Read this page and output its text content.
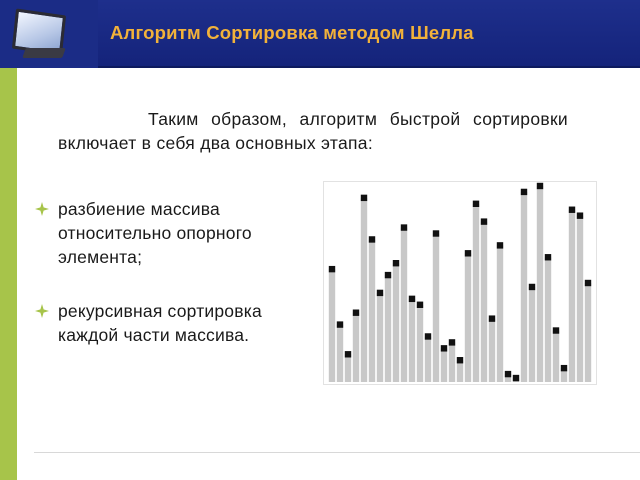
Алгоритм Сортировка методом Шелла
Таким образом, алгоритм быстрой сортировки включает в себя два основных этапа:
разбиение массива относительно опорного элемента;
рекурсивная сортировка каждой части массива.
